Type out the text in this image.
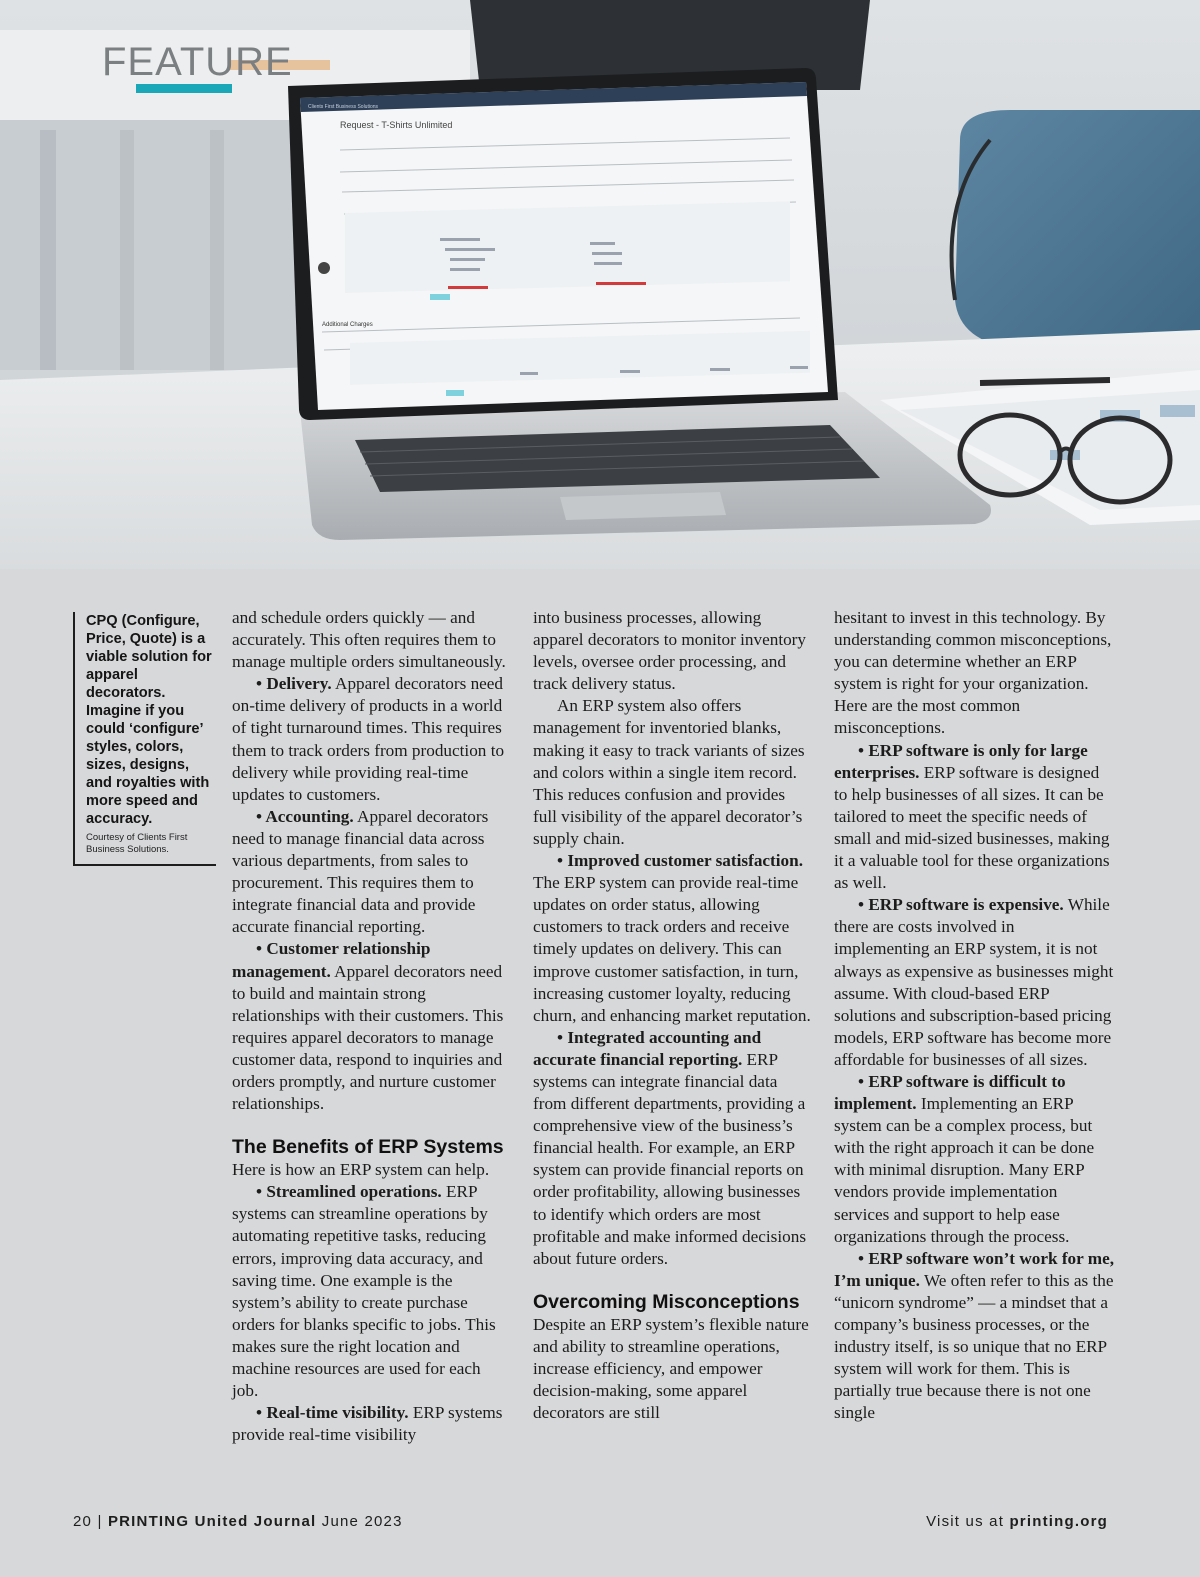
Clients First Business Solutions
Request - T-Shirts Unlimited
Additional Charges
FEATURE

CPQ (Configure, Price, Quote) is a viable solution for apparel decorators. Imagine if you could ‘configure’ styles, colors, sizes, designs, and royalties with more speed and accuracy.

Courtesy of Clients First Business Solutions.

and schedule orders quickly — and accurately. This often requires them to manage multiple orders simultaneously.

• Delivery. Apparel decorators need on-time delivery of products in a world of tight turnaround times. This requires them to track orders from production to delivery while providing real-time updates to customers.

• Accounting. Apparel decorators need to manage financial data across various departments, from sales to procurement. This requires them to integrate financial data and provide accurate financial reporting.

• Customer relationship management. Apparel decorators need to build and maintain strong relationships with their customers. This requires apparel decorators to manage customer data, respond to inquiries and orders promptly, and nurture customer relationships.

The Benefits of ERP Systems

Here is how an ERP system can help.

• Streamlined operations. ERP systems can streamline operations by automating repetitive tasks, reducing errors, improving data accuracy, and saving time. One example is the system’s ability to create purchase orders for blanks specific to jobs. This makes sure the right location and machine resources are used for each job.

• Real-time visibility. ERP systems provide real-time visibility

into business processes, allowing apparel decorators to monitor inventory levels, oversee order processing, and track delivery status.

An ERP system also offers management for inventoried blanks, making it easy to track variants of sizes and colors within a single item record. This reduces confusion and provides full visibility of the apparel decorator’s supply chain.

• Improved customer satisfaction. The ERP system can provide real-time updates on order status, allowing customers to track orders and receive timely updates on delivery. This can improve customer satisfaction, in turn, increasing customer loyalty, reducing churn, and enhancing market reputation.

• Integrated accounting and accurate financial reporting. ERP systems can integrate financial data from different departments, providing a comprehensive view of the business’s financial health. For example, an ERP system can provide financial reports on order profitability, allowing businesses to identify which orders are most profitable and make informed decisions about future orders.

Overcoming Misconceptions

Despite an ERP system’s flexible nature and ability to streamline operations, increase efficiency, and empower decision-making, some apparel decorators are still

hesitant to invest in this technology. By understanding common misconceptions, you can determine whether an ERP system is right for your organization. Here are the most common misconceptions.

• ERP software is only for large enterprises. ERP software is designed to help businesses of all sizes. It can be tailored to meet the specific needs of small and mid-sized businesses, making it a valuable tool for these organizations as well.

• ERP software is expensive. While there are costs involved in implementing an ERP system, it is not always as expensive as businesses might assume. With cloud-based ERP solutions and subscription-based pricing models, ERP software has become more affordable for businesses of all sizes.

• ERP software is difficult to implement. Implementing an ERP system can be a complex process, but with the right approach it can be done with minimal disruption. Many ERP vendors provide implementation services and support to help ease organizations through the process.

• ERP software won’t work for me, I’m unique. We often refer to this as the “unicorn syndrome” — a mindset that a company’s business processes, or the industry itself, is so unique that no ERP system will work for them. This is partially true because there is not one single

20 | PRINTING United Journal June 2023	Visit us at printing.org
